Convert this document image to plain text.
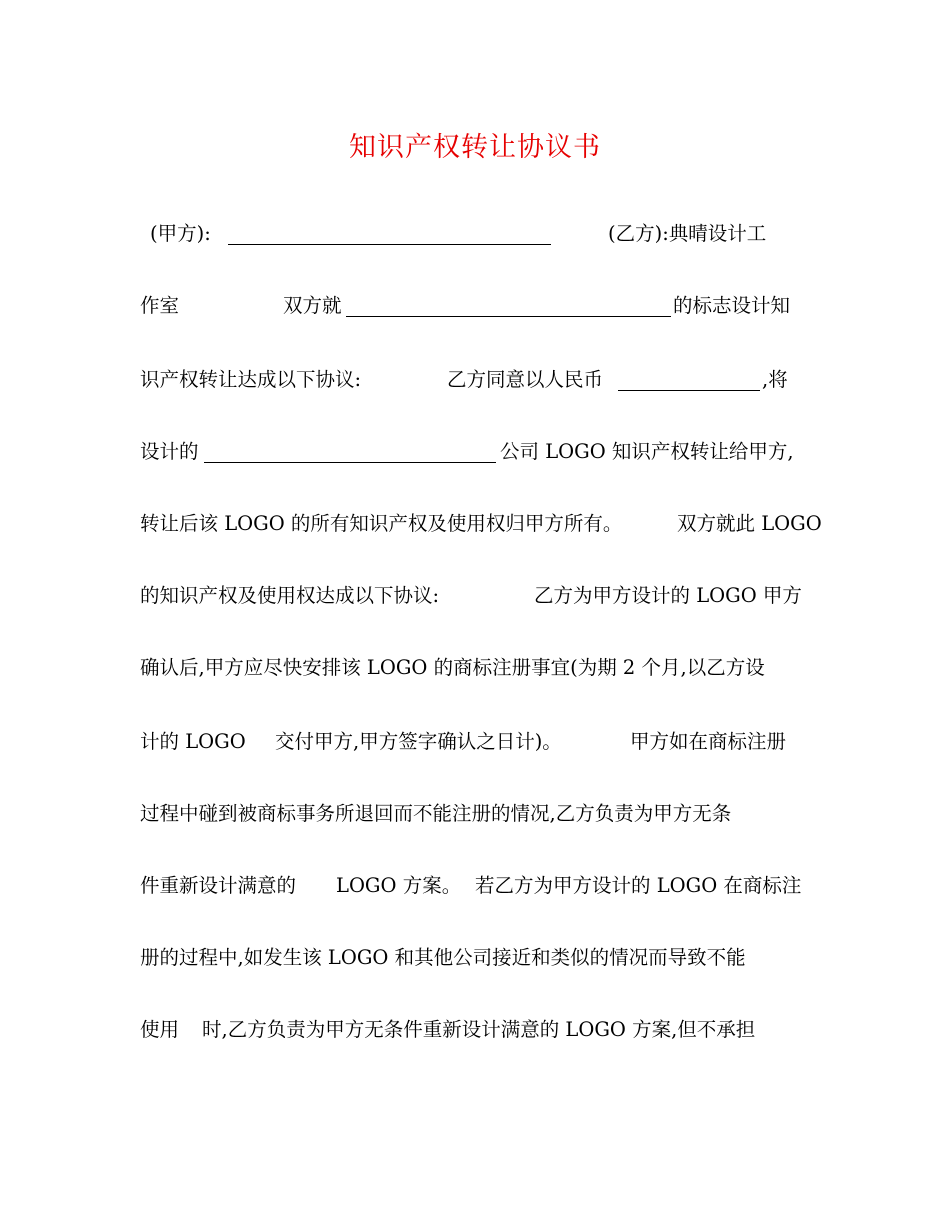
知识产权转让协议书
(甲方):	(乙方):典晴设计工
作室	双方就	的标志设计知
识产权转让达成以下协议:	乙方同意以人民币	,将
设计的	公司 LOGO 知识产权转让给甲方,
转让后该 LOGO 的所有知识产权及使用权归甲方所有。	双方就此 LOGO
的知识产权及使用权达成以下协议:	乙方为甲方设计的 LOGO 甲方
确认后,甲方应尽快安排该 LOGO 的商标注册事宜(为期 2 个月,以乙方设
计的 LOGO 交付甲方,甲方签字确认之日计)。	甲方如在商标注册
过程中碰到被商标事务所退回而不能注册的情况,乙方负责为甲方无条
件重新设计满意的 LOGO 方案。 若乙方为甲方设计的 LOGO 在商标注
册的过程中,如发生该 LOGO 和其他公司接近和类似的情况而导致不能
使用 时,乙方负责为甲方无条件重新设计满意的 LOGO 方案,但不承担
